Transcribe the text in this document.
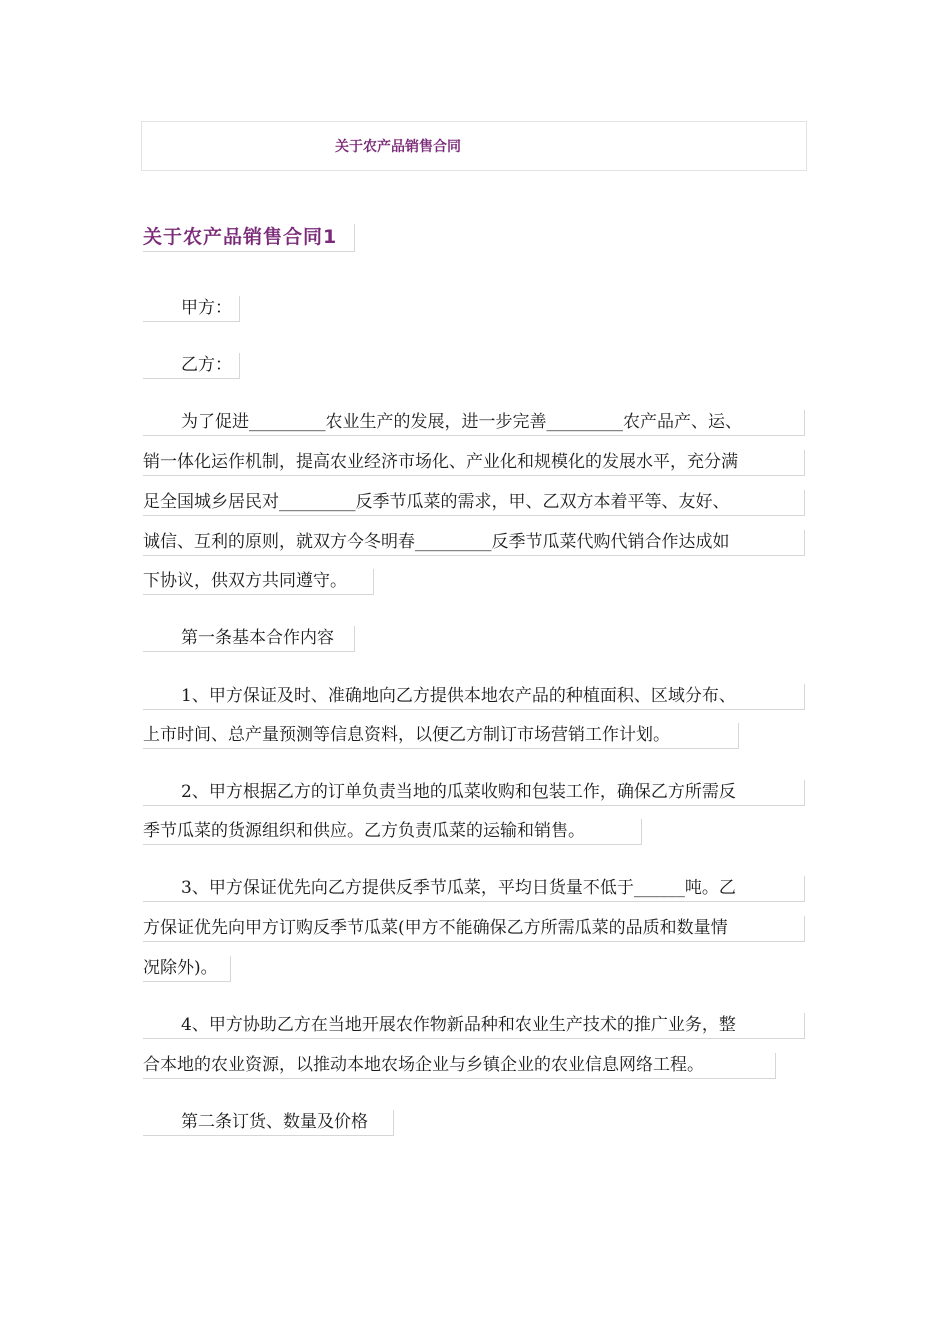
关于农产品销售合同
关于农产品销售合同1
甲方：
乙方：
为了促进_________农业生产的发展，进一步完善_________农产品产、运、
销一体化运作机制，提高农业经济市场化、产业化和规模化的发展水平，充分满
足全国城乡居民对_________反季节瓜菜的需求，甲、乙双方本着平等、友好、
诚信、互利的原则，就双方今冬明春_________反季节瓜菜代购代销合作达成如
下协议，供双方共同遵守。
第一条基本合作内容
1、甲方保证及时、准确地向乙方提供本地农产品的种植面积、区域分布、
上市时间、总产量预测等信息资料，以便乙方制订市场营销工作计划。
2、甲方根据乙方的订单负责当地的瓜菜收购和包装工作，确保乙方所需反
季节瓜菜的货源组织和供应。乙方负责瓜菜的运输和销售。
3、甲方保证优先向乙方提供反季节瓜菜，平均日货量不低于______吨。乙
方保证优先向甲方订购反季节瓜菜(甲方不能确保乙方所需瓜菜的品质和数量情
况除外)。
4、甲方协助乙方在当地开展农作物新品种和农业生产技术的推广业务，整
合本地的农业资源，以推动本地农场企业与乡镇企业的农业信息网络工程。
第二条订货、数量及价格
